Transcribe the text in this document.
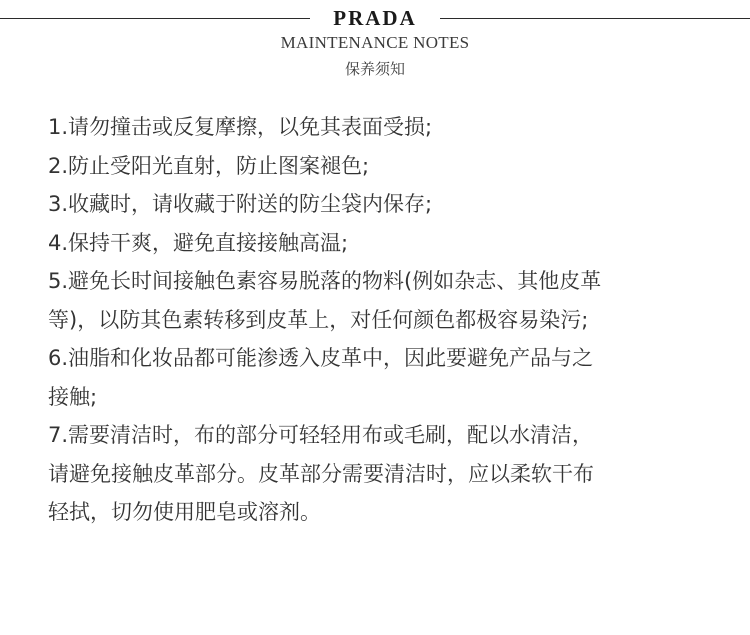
PRADA
MAINTENANCE NOTES
保养须知
1.请勿撞击或反复摩擦，以免其表面受损;
2.防止受阳光直射，防止图案褪色;
3.收藏时，请收藏于附送的防尘袋内保存;
4.保持干爽，避免直接接触高温;
5.避免长时间接触色素容易脱落的物料(例如杂志、其他皮革
等)，以防其色素转移到皮革上，对任何颜色都极容易染污;
6.油脂和化妆品都可能渗透入皮革中，因此要避免产品与之
接触;
7.需要清洁时，布的部分可轻轻用布或毛刷，配以水清洁，
请避免接触皮革部分。皮革部分需要清洁时，应以柔软干布
轻拭，切勿使用肥皂或溶剂。
